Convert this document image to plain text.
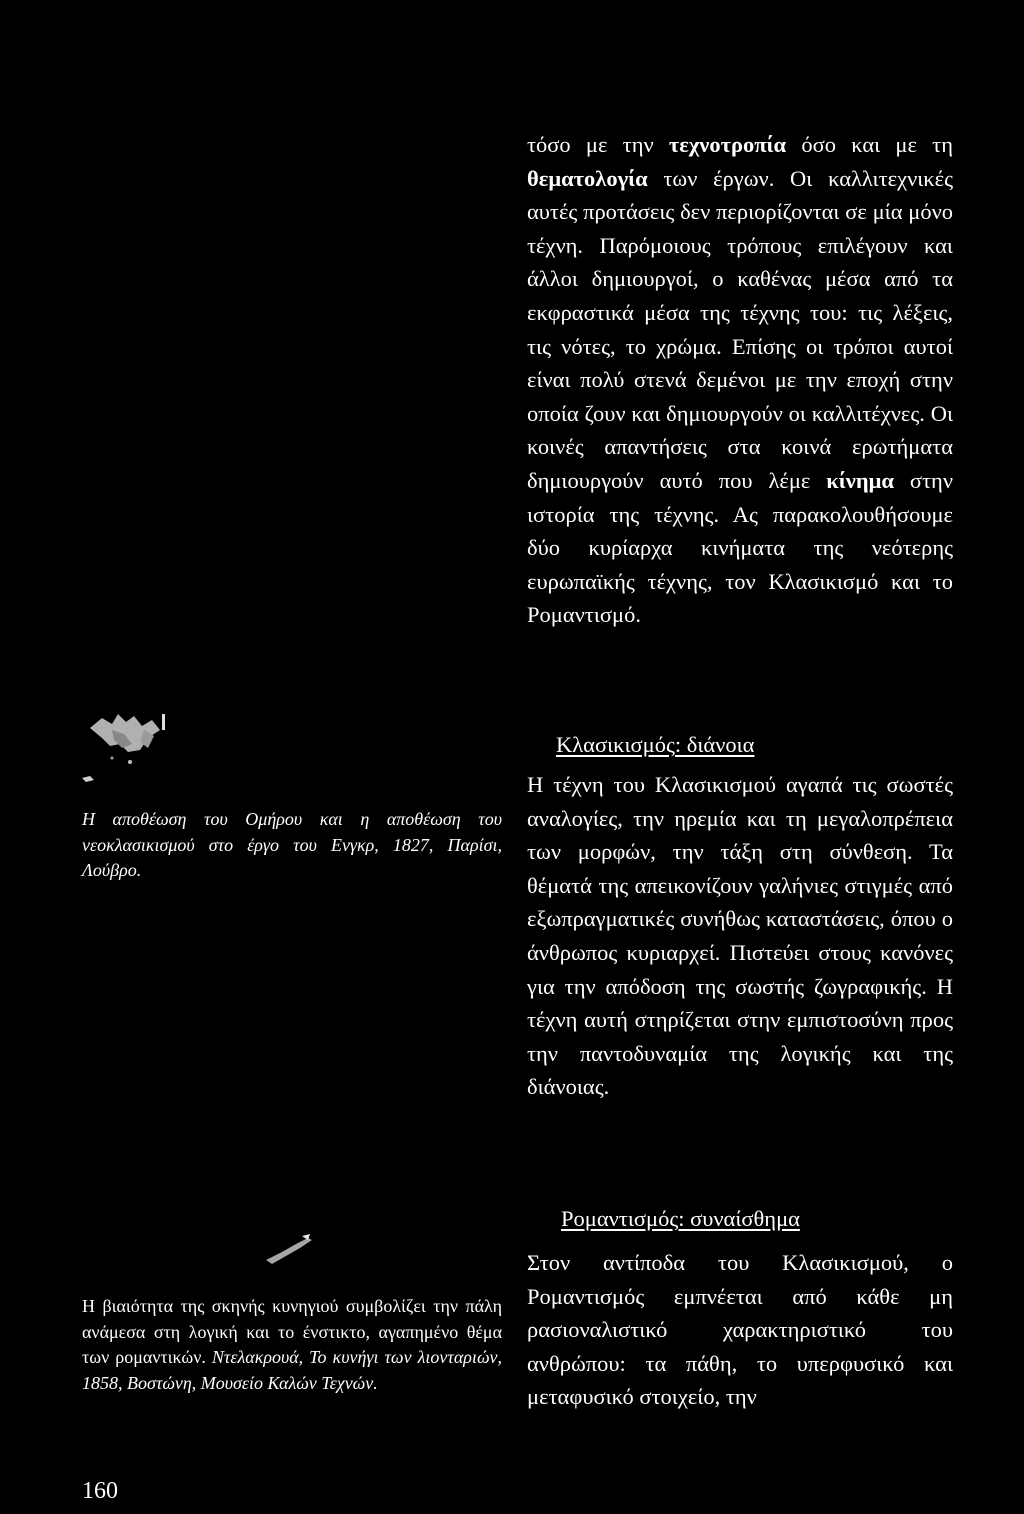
τόσο με την τεχνοτροπία όσο και με τη θεματολογία των έργων. Οι καλλιτεχνικές αυτές προτάσεις δεν περιορίζονται σε μία μόνο τέχνη. Παρόμοιους τρόπους επιλέγουν και άλλοι δημιουργοί, ο καθένας μέσα από τα εκφραστικά μέσα της τέχνης του: τις λέξεις, τις νότες, το χρώμα. Επίσης οι τρόποι αυτοί είναι πολύ στενά δεμένοι με την εποχή στην οποία ζουν και δημιουργούν οι καλλιτέχνες. Οι κοινές απαντήσεις στα κοινά ερωτήματα δημιουργούν αυτό που λέμε κίνημα στην ιστορία της τέχνης. Ας παρακολουθήσουμε δύο κυρίαρχα κινήματα της νεότερης ευρωπαϊκής τέχνης, τον Κλασικισμό και το Ρομαντισμό.

Κλασικισμός: διάνοια

Η τέχνη του Κλασικισμού αγαπά τις σωστές αναλογίες, την ηρεμία και τη μεγαλοπρέπεια των μορφών, την τάξη στη σύνθεση. Τα θέματά της απεικονίζουν γαλήνιες στιγμές από εξωπραγματικές συνήθως καταστάσεις, όπου ο άνθρωπος κυριαρχεί. Πιστεύει στους κανόνες για την απόδοση της σωστής ζωγραφικής. Η τέχνη αυτή στηρίζεται στην εμπιστοσύνη προς την παντοδυναμία της λογικής και της διάνοιας.

Ρομαντισμός: συναίσθημα

Στον αντίποδα του Κλασικισμού, ο Ρομαντισμός εμπνέεται από κάθε μη ρασιοναλιστικό χαρακτηριστικό του ανθρώπου: τα πάθη, το υπερφυσικό και μεταφυσικό στοιχείο, την

Η αποθέωση του Ομήρου και η αποθέωση του νεοκλασικισμού στο έργο του Ενγκρ, 1827, Παρίσι, Λούβρο.

Η βιαιότητα της σκηνής κυνηγιού συμβολίζει την πάλη ανάμεσα στη λογική και το ένστικτο, αγαπημένο θέμα των ρομαντικών. Ντελακρουά, Το κυνήγι των λιονταριών, 1858, Βοστώνη, Μουσείο Καλών Τεχνών.

160
